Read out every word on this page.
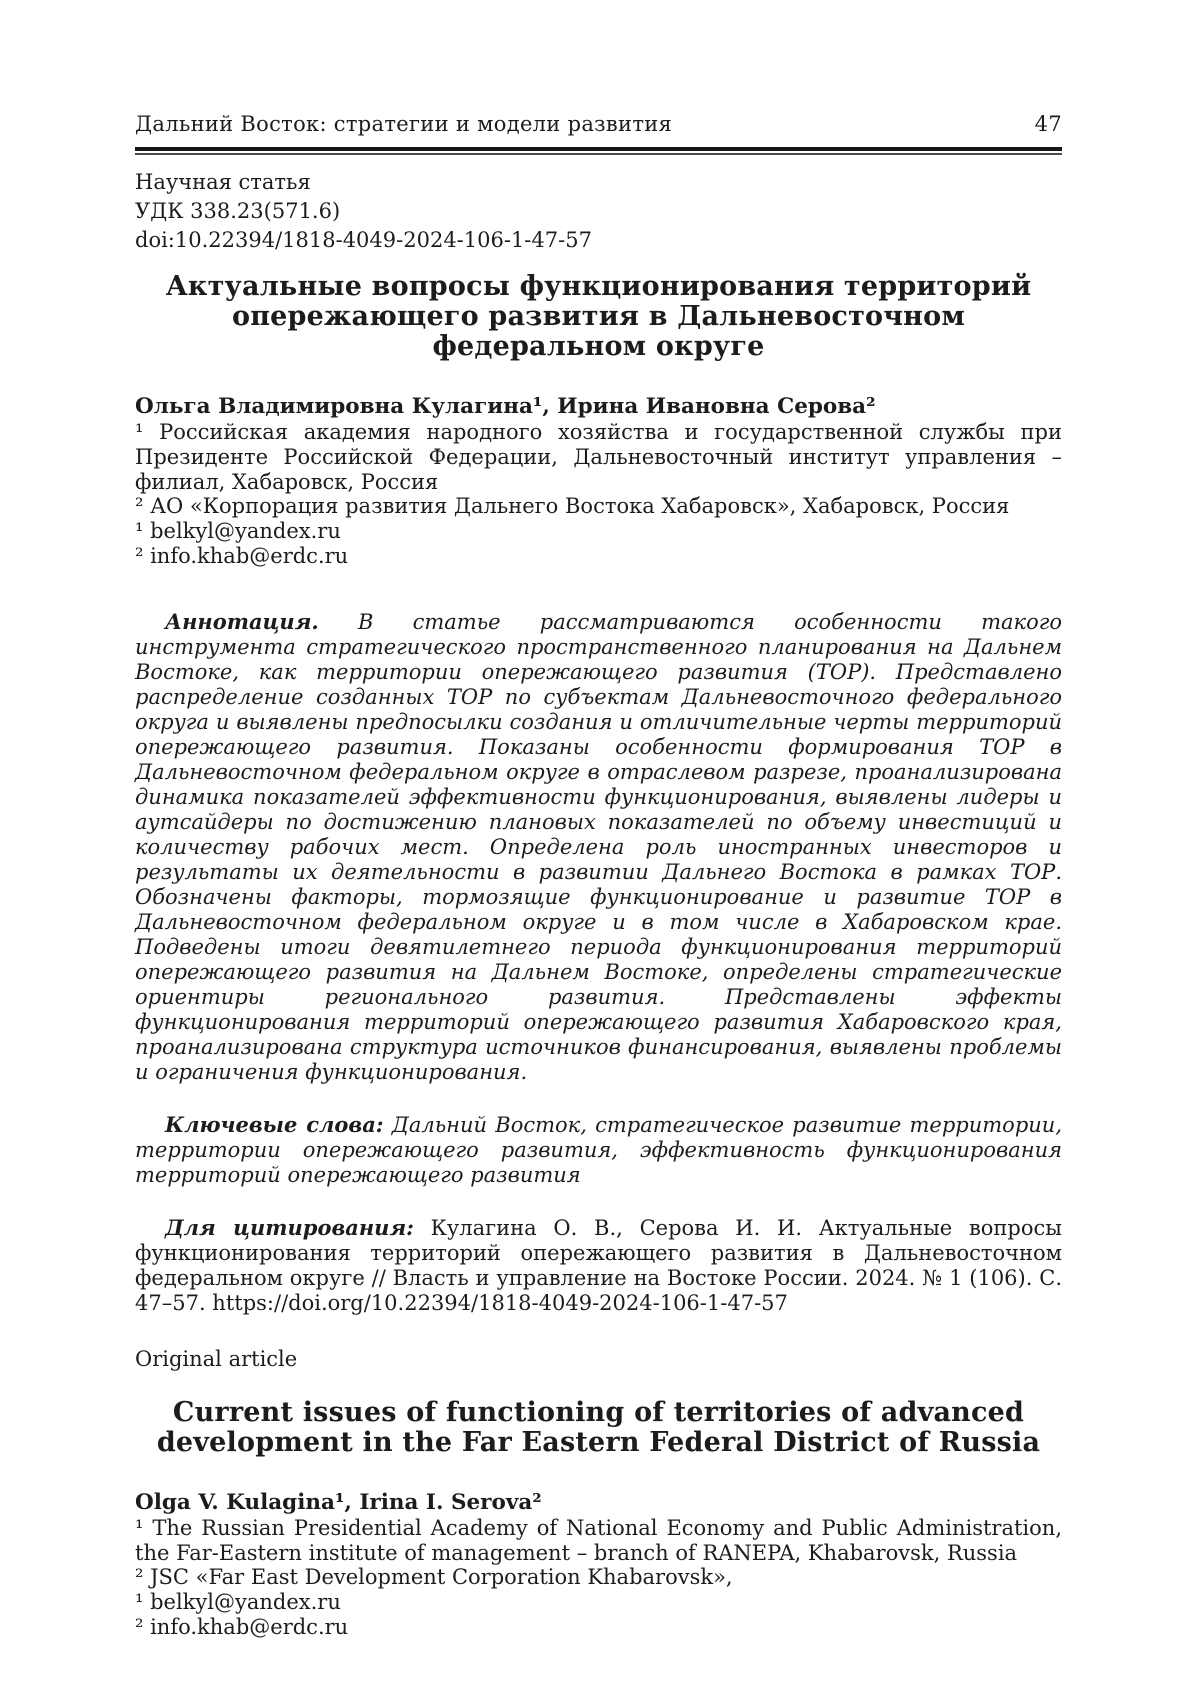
Дальний Восток: стратегии и модели развития	47

Научная статья

УДК 338.23(571.6)

doi:10.22394/1818-4049-2024-106-1-47-57

Актуальные вопросы функционирования территорий
опережающего развития в Дальневосточном
федеральном округе

Ольга Владимировна Кулагина¹, Ирина Ивановна Серова²

¹ Российская академия народного хозяйства и государственной службы при Президенте Российской Федерации, Дальневосточный институт управления – филиал, Хабаровск, Россия

² АО «Корпорация развития Дальнего Востока Хабаровск», Хабаровск, Россия

¹ belkyl@yandex.ru

² info.khab@erdc.ru

Аннотация. В статье рассматриваются особенности такого инструмента стратегического пространственного планирования на Дальнем Востоке, как территории опережающего развития (ТОР). Представлено распределение созданных ТОР по субъектам Дальневосточного федерального округа и выявлены предпосылки создания и отличительные черты территорий опережающего развития. Показаны особенности формирования ТОР в Дальневосточном федеральном округе в отраслевом разрезе, проанализирована динамика показателей эффективности функционирования, выявлены лидеры и аутсайдеры по достижению плановых показателей по объему инвестиций и количеству рабочих мест. Определена роль иностранных инвесторов и результаты их деятельности в развитии Дальнего Востока в рамках ТОР. Обозначены факторы, тормозящие функционирование и развитие ТОР в Дальневосточном федеральном округе и в том числе в Хабаровском крае. Подведены итоги девятилетнего периода функционирования территорий опережающего развития на Дальнем Востоке, определены стратегические ориентиры регионального развития. Представлены эффекты функционирования территорий опережающего развития Хабаровского края, проанализирована структура источников финансирования, выявлены проблемы и ограничения функционирования.

Ключевые слова: Дальний Восток, стратегическое развитие территории, территории опережающего развития, эффективность функционирования территорий опережающего развития

Для цитирования: Кулагина О. В., Серова И. И. Актуальные вопросы функционирования территорий опережающего развития в Дальневосточном федеральном округе // Власть и управление на Востоке России. 2024. № 1 (106). С. 47–57. https://doi.org/10.22394/1818-4049-2024-106-1-47-57

Original article

Current issues of functioning of territories of advanced
development in the Far Eastern Federal District of Russia

Olga V. Kulagina¹, Irina I. Serova²

¹ The Russian Presidential Academy of National Economy and Public Administration, the Far-Eastern institute of management – branch of RANEPA, Khabarovsk, Russia

² JSC «Far East Development Corporation Khabarovsk»,

¹ belkyl@yandex.ru

² info.khab@erdc.ru
